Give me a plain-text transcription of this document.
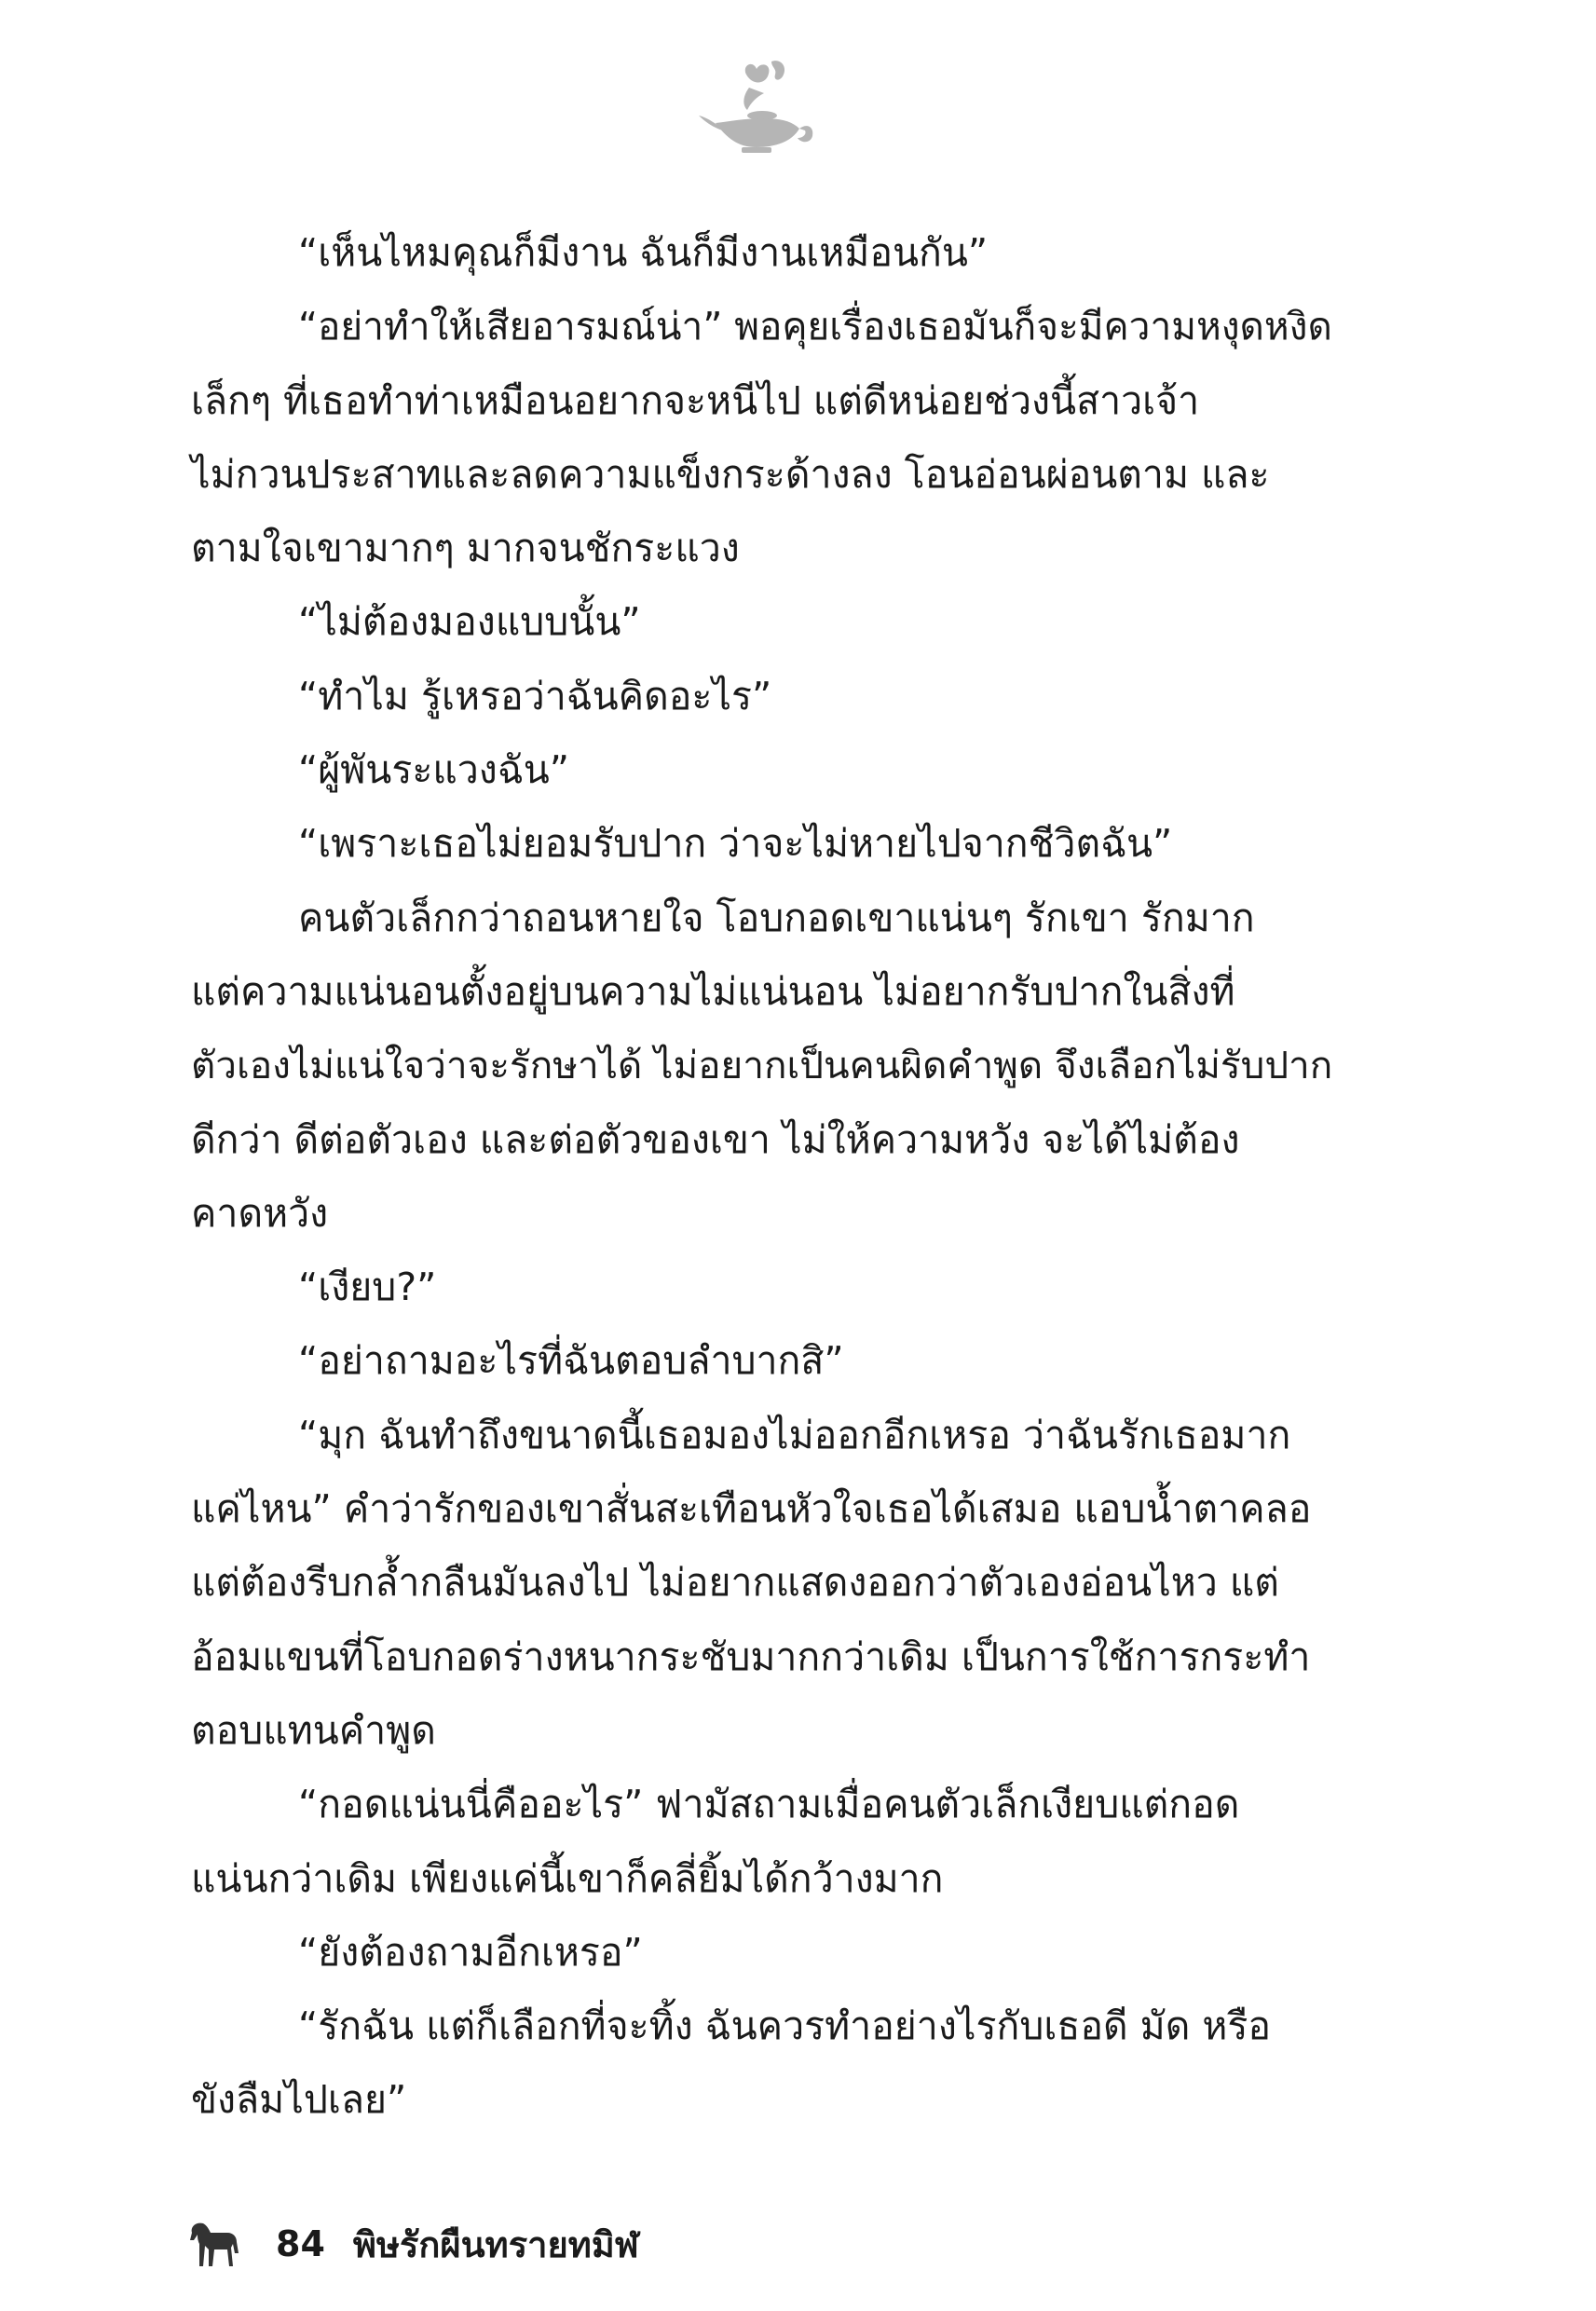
“เห็นไหมคุณก็มีงาน ฉันก็มีงานเหมือนกัน”

“อย่าทำให้เสียอารมณ์น่า” พอคุยเรื่องเธอมันก็จะมีความหงุดหงิด

เล็กๆ ที่เธอทำท่าเหมือนอยากจะหนีไป แต่ดีหน่อยช่วงนี้สาวเจ้า

ไม่กวนประสาทและลดความแข็งกระด้างลง โอนอ่อนผ่อนตาม และ

ตามใจเขามากๆ มากจนชักระแวง

“ไม่ต้องมองแบบนั้น”

“ทำไม รู้เหรอว่าฉันคิดอะไร”

“ผู้พันระแวงฉัน”

“เพราะเธอไม่ยอมรับปาก ว่าจะไม่หายไปจากชีวิตฉัน”

คนตัวเล็กกว่าถอนหายใจ โอบกอดเขาแน่นๆ รักเขา รักมาก

แต่ความแน่นอนตั้งอยู่บนความไม่แน่นอน ไม่อยากรับปากในสิ่งที่

ตัวเองไม่แน่ใจว่าจะรักษาได้ ไม่อยากเป็นคนผิดคำพูด จึงเลือกไม่รับปาก

ดีกว่า ดีต่อตัวเอง และต่อตัวของเขา ไม่ให้ความหวัง จะได้ไม่ต้อง

คาดหวัง

“เงียบ?”

“อย่าถามอะไรที่ฉันตอบลำบากสิ”

“มุก ฉันทำถึงขนาดนี้เธอมองไม่ออกอีกเหรอ ว่าฉันรักเธอมาก

แค่ไหน” คำว่ารักของเขาสั่นสะเทือนหัวใจเธอได้เสมอ แอบน้ำตาคลอ

แต่ต้องรีบกล้ำกลืนมันลงไป ไม่อยากแสดงออกว่าตัวเองอ่อนไหว แต่

อ้อมแขนที่โอบกอดร่างหนากระชับมากกว่าเดิม เป็นการใช้การกระทำ

ตอบแทนคำพูด

“กอดแน่นนี่คืออะไร” ฟามัสถามเมื่อคนตัวเล็กเงียบแต่กอด

แน่นกว่าเดิม เพียงแค่นี้เขาก็คลี่ยิ้มได้กว้างมาก

“ยังต้องถามอีกเหรอ”

“รักฉัน แต่ก็เลือกที่จะทิ้ง ฉันควรทำอย่างไรกับเธอดี มัด หรือ

ขังลืมไปเลย”

84 พิษรักผืนทรายทมิฬ
